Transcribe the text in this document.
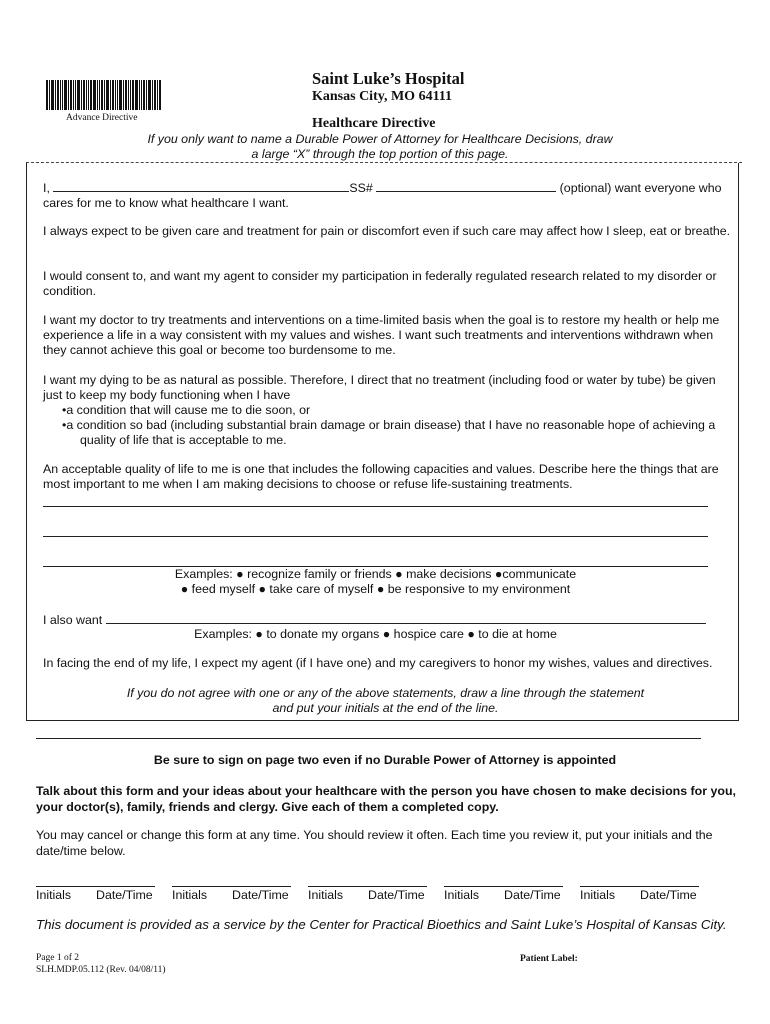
Advance Directive
Saint Luke’s Hospital
Kansas City, MO 64111
Healthcare Directive
If you only want to name a Durable Power of Attorney for Healthcare Decisions, draw
a large “X” through the top portion of this page.
I,	SS#	(optional) want everyone who
cares for me to know what healthcare I want.
I always expect to be given care and treatment for pain or discomfort even if such care may affect how I sleep, eat or breathe.
I would consent to, and want my agent to consider my participation in federally regulated research related to my disorder or condition.
I want my doctor to try treatments and interventions on a time-limited basis when the goal is to restore my health or help me experience a life in a way consistent with my values and wishes. I want such treatments and interventions withdrawn when they cannot achieve this goal or become too burdensome to me.
I want my dying to be as natural as possible. Therefore, I direct that no treatment (including food or water by tube) be given just to keep my body functioning when I have
•a condition that will cause me to die soon, or
•a condition so bad (including substantial brain damage or brain disease) that I have no reasonable hope of achieving a quality of life that is acceptable to me.
An acceptable quality of life to me is one that includes the following capacities and values. Describe here the things that are most important to me when I am making decisions to choose or refuse life-sustaining treatments.
Examples: ● recognize family or friends ● make decisions ●communicate
● feed myself ● take care of myself ● be responsive to my environment
I also want
Examples: ● to donate my organs ● hospice care ● to die at home
In facing the end of my life, I expect my agent (if I have one) and my caregivers to honor my wishes, values and directives.
If you do not agree with one or any of the above statements, draw a line through the statement
and put your initials at the end of the line.
Be sure to sign on page two even if no Durable Power of Attorney is appointed
Talk about this form and your ideas about your healthcare with the person you have chosen to make decisions for you, your doctor(s), family, friends and clergy. Give each of them a completed copy.
You may cancel or change this form at any time. You should review it often. Each time you review it, put your initials and the date/time below.
Initials Date/Time Initials Date/Time Initials Date/Time Initials Date/Time Initials Date/Time
This document is provided as a service by the Center for Practical Bioethics and Saint Luke’s Hospital of Kansas City.
Page 1 of 2
SLH.MDP.05.112 (Rev. 04/08/11)
Patient Label:
